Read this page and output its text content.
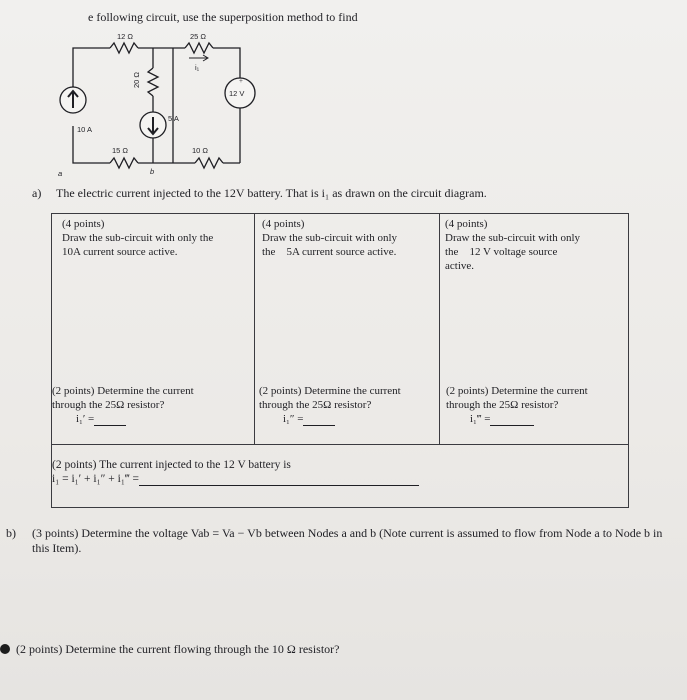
e following circuit, use the superposition method to find
12 Ω	25 Ω
20 Ω
15 Ω	10 Ω
10 A
5 A
12 V
i₁
a	b
+
a) The electric current injected to the 12V battery. That is i₁ as drawn on the circuit diagram.
(4 points)
Draw the sub-circuit with only the
10A current source active.
(4 points)
Draw the sub-circuit with only
the    5A current source active.
(4 points)
Draw the sub-circuit with only
the    12 V voltage source
active.
(2 points) Determine the current
through the 25Ω resistor?
i₁′ =
(2 points) Determine the current
through the 25Ω resistor?
i₁″ =
(2 points) Determine the current
through the 25Ω resistor?
i₁‴ =
(2 points) The current injected to the 12 V battery is
i₁ = i₁′ + i₁″ + i₁‴ =
b) (3 points) Determine the voltage Vab = Va − Vb between Nodes a and b (Note current is assumed to flow from Node a to Node b in this Item).
(2 points) Determine the current flowing through the 10 Ω resistor?
